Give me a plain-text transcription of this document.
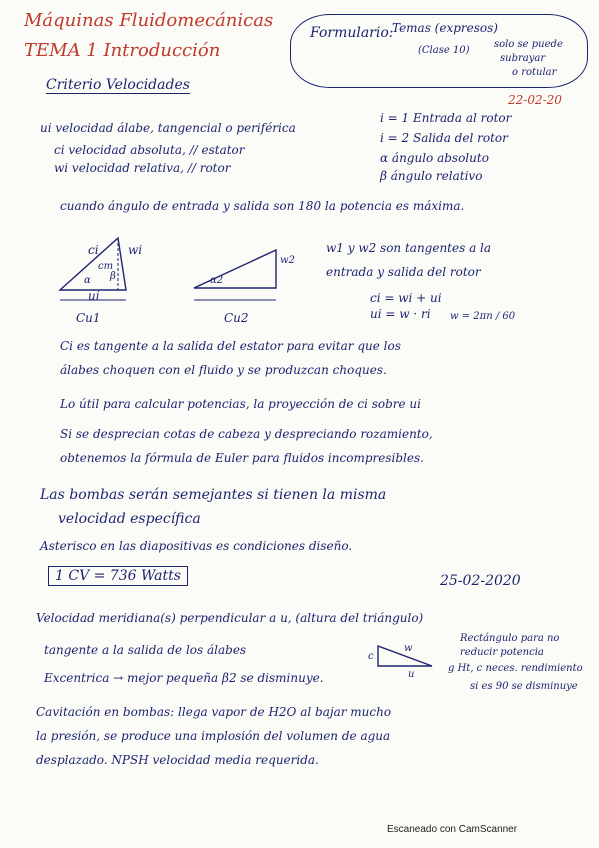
Máquinas Fluidomecánicas
TEMA 1 Introducción
Criterio Velocidades
Formulario:
Temas (expresos)
(Clase 10)
solo se puede
subrayar
o rotular
22-02-20
ui velocidad álabe, tangencial o periférica
ci velocidad absoluta, // estator
wi velocidad relativa, // rotor
i = 1 Entrada al rotor
i = 2 Salida del rotor
α ángulo absoluto
β ángulo relativo
cuando ángulo de entrada y salida son 180 la potencia es máxima.
ci wi
cm
α β
ui
Cu1
w2
α2
Cu2
w1 y w2 son tangentes a la
entrada y salida del rotor
ci = wi + ui
ui = w · ri w = 2πn / 60
Ci es tangente a la salida del estator para evitar que los
álabes choquen con el fluido y se produzcan choques.
Lo útil para calcular potencias, la proyección de ci sobre ui
Si se desprecian cotas de cabeza y despreciando rozamiento,
obtenemos la fórmula de Euler para fluidos incompresibles.
Las bombas serán semejantes si tienen la misma
velocidad específica
Asterisco en las diapositivas es condiciones diseño.
1 CV = 736 Watts	25-02-2020
Velocidad meridiana(s) perpendicular a u, (altura del triángulo)
tangente a la salida de los álabes
Excentrica → mejor pequeña β2 se disminuye.
c
w
u
Rectángulo para no
reducir potencia
g Ht, c neces. rendimiento
si es 90 se disminuye
Cavitación en bombas: llega vapor de H2O al bajar mucho
la presión, se produce una implosión del volumen de agua
desplazado. NPSH velocidad media requerida.
Escaneado con CamScanner
